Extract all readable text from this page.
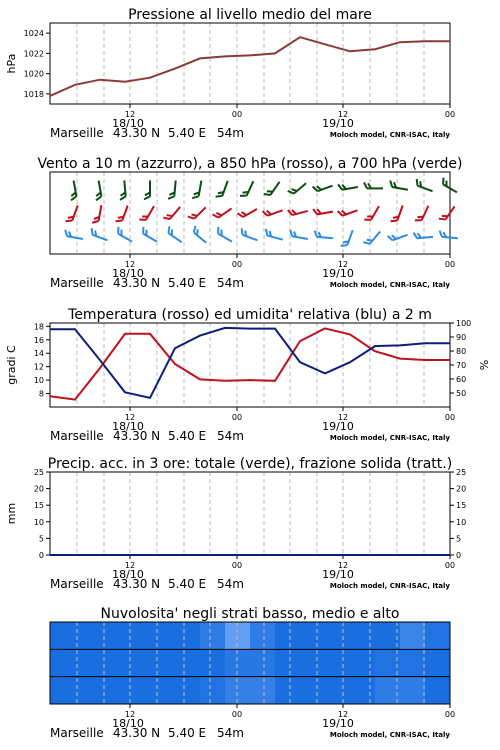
Pressione al livello medio del mare
12	00	12	00
18/10	19/10
Marseille 43.30 N 5.40 E 54m	Moloch model, CNR-ISAC, Italy
1018
1020
1022
1024
hPa
Vento a 10 m (azzurro), a 850 hPa (rosso), a 700 hPa (verde)
12	00	12	00
18/10	19/10
Marseille 43.30 N 5.40 E 54m	Moloch model, CNR-ISAC, Italy
Temperatura (rosso) ed umidita' relativa (blu) a 2 m
12	00	12	00
18/10	19/10
Marseille 43.30 N 5.40 E 54m	Moloch model, CNR-ISAC, Italy
8
10
12
14
16
18
50
60
70
80
90
100
gradi C	%
Precip. acc. in 3 ore: totale (verde), frazione solida (tratt.)
12	00	12	00
18/10	19/10
Marseille 43.30 N 5.40 E 54m	Moloch model, CNR-ISAC, Italy
0	0
5	5
10	10
15	15
20	20
25	25
mm
Nuvolosita' negli strati basso, medio e alto
12	00	12	00
18/10	19/10
Marseille 43.30 N 5.40 E 54m	Moloch model, CNR-ISAC, Italy
